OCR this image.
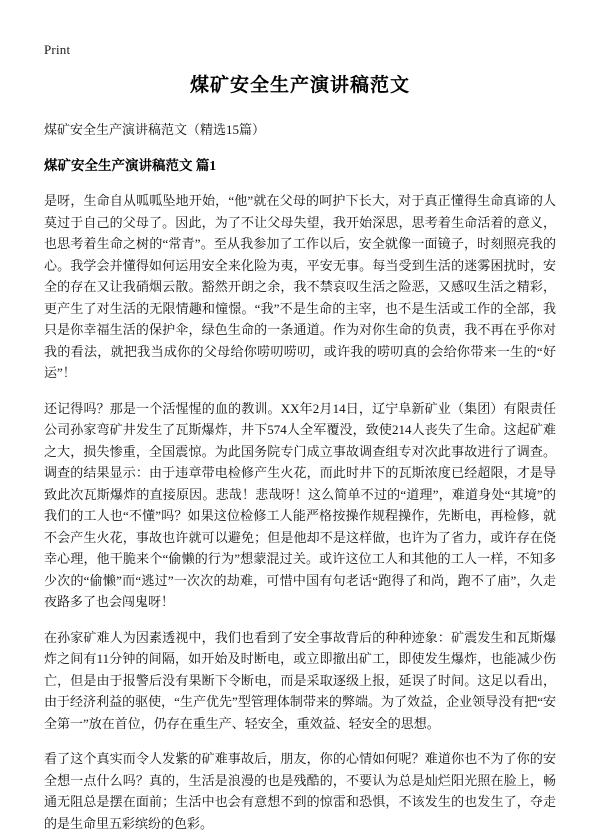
Print
煤矿安全生产演讲稿范文

煤矿安全生产演讲稿范文（精选15篇）

煤矿安全生产演讲稿范文 篇1

是呀，生命自从呱呱坠地开始，“他”就在父母的呵护下长大，对于真正懂得生命真谛的人莫过于自己的父母了。因此，为了不让父母失望，我开始深思，思考着生命活着的意义，也思考着生命之树的“常青”。至从我参加了工作以后，安全就像一面镜子，时刻照亮我的心。我学会并懂得如何运用安全来化险为夷，平安无事。每当受到生活的迷雾困扰时，安全的存在又让我硝烟云散。豁然开朗之余，我不禁哀叹生活之险恶，又感叹生活之精彩，更产生了对生活的无限情趣和憧憬。“我”不是生命的主宰，也不是生活或工作的全部，我只是你幸福生活的保护伞，绿色生命的一条通道。作为对你生命的负责，我不再在乎你对我的看法，就把我当成你的父母给你唠叨唠叨，或许我的唠叨真的会给你带来一生的“好运”！

还记得吗？那是一个活惺惺的血的教训。XX年2月14日，辽宁阜新矿业（集团）有限责任公司孙家弯矿井发生了瓦斯爆炸，井下574人全军覆没，致使214人丧失了生命。这起矿难之大，损失惨重，全国震惊。为此国务院专门成立事故调查组专对次此事故进行了调查。调查的结果显示：由于违章带电检修产生火花，而此时井下的瓦斯浓度已经超限，才是导致此次瓦斯爆炸的直接原因。悲哉！悲哉呀！这么简单不过的“道理”，难道身处“其境”的我们的工人也“不懂”吗？如果这位检修工人能严格按操作规程操作，先断电，再检修，就不会产生火花，事故也许就可以避免；但是他却不是这样做，也许为了省力，或许存在侥幸心理，他干脆来个“偷懒的行为”想蒙混过关。或许这位工人和其他的工人一样，不知多少次的“偷懒”而“逃过”一次次的劫难，可惜中国有句老话“跑得了和尚，跑不了庙”，久走夜路多了也会闯鬼呀！

在孙家矿难人为因素透视中，我们也看到了安全事故背后的种种迹象：矿震发生和瓦斯爆炸之间有11分钟的间隔，如开始及时断电，或立即撤出矿工，即使发生爆炸，也能减少伤亡，但是由于报警后没有果断下令断电，而是采取逐级上报，延误了时间。这足以看出，由于经济利益的驱使，“生产优先”型管理体制带来的弊端。为了效益，企业领导没有把“安全第一”放在首位，仍存在重生产、轻安全，重效益、轻安全的思想。

看了这个真实而令人发紫的矿难事故后，朋友，你的心情如何呢？难道你也不为了你的安全想一点什么吗？真的，生活是浪漫的也是残酷的，不要认为总是灿烂阳光照在脸上，畅通无阻总是摆在面前；生活中也会有意想不到的惊雷和恐惧，不该发生的也发生了，夺走的是生命里五彩缤纷的色彩。
